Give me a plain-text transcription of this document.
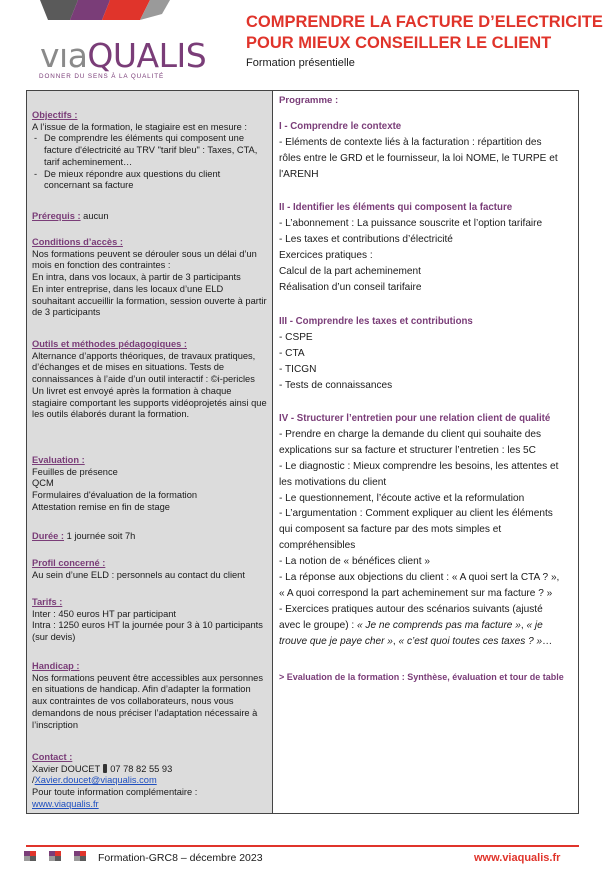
vıaQUALIS
DONNER DU SENS À LA QUALITÉ
COMPRENDRE LA FACTURE D’ELECTRICITE
POUR MIEUX CONSEILLER LE CLIENT
Formation présentielle
Objectifs :
A l’issue de la formation, le stagiaire est en mesure :
- De comprendre les éléments qui composent une facture d'électricité au TRV "tarif bleu" : Taxes, CTA, tarif acheminement…
- De mieux répondre aux questions du client concernant sa facture
Prérequis : aucun
Conditions d’accès :
Nos formations peuvent se dérouler sous un délai d’un mois en fonction des contraintes :
En intra, dans vos locaux, à partir de 3 participants
En inter entreprise, dans les locaux d’une ELD souhaitant accueillir la formation, session ouverte à partir de 3 participants
Outils et méthodes pédagogiques :
Alternance d’apports théoriques, de travaux pratiques, d’échanges et de mises en situations. Tests de connaissances à l’aide d’un outil interactif : ©i-pericles
Un livret est envoyé après la formation à chaque stagiaire comportant les supports vidéoprojetés ainsi que les outils élaborés durant la formation.
Evaluation :
Feuilles de présence
QCM
Formulaires d'évaluation de la formation
Attestation remise en fin de stage
Durée : 1 journée soit 7h
Profil concerné :
Au sein d’une ELD : personnels au contact du client
Tarifs :
Inter : 450 euros HT par participant
Intra : 1250 euros HT la journée pour 3 à 10 participants (sur devis)
Handicap :
Nos formations peuvent être accessibles aux personnes en situations de handicap. Afin d’adapter la formation aux contraintes de vos collaborateurs, nous vous demandons de nous préciser l’adaptation nécessaire à l’inscription
Contact :
Xavier DOUCET 07 78 82 55 93
/Xavier.doucet@viaqualis.com
Pour toute information complémentaire :
www.viaqualis.fr
Programme :
I - Comprendre le contexte
- Eléments de contexte liés à la facturation : répartition des
rôles entre le GRD et le fournisseur, la loi NOME, le TURPE et
l'ARENH
II - Identifier les éléments qui composent la facture
- L’abonnement : La puissance souscrite et l’option tarifaire
- Les taxes et contributions d’électricité
Exercices pratiques :
Calcul de la part acheminement
Réalisation d’un conseil tarifaire
III - Comprendre les taxes et contributions
- CSPE
- CTA
- TICGN
- Tests de connaissances
IV - Structurer l’entretien pour une relation client de qualité
- Prendre en charge la demande du client qui souhaite des
explications sur sa facture et structurer l’entretien : les 5C
- Le diagnostic : Mieux comprendre les besoins, les attentes et
les motivations du client
- Le questionnement, l’écoute active et la reformulation
- L’argumentation : Comment expliquer au client les éléments
qui composent sa facture par des mots simples et
compréhensibles
- La notion de « bénéfices client »
- La réponse aux objections du client : « A quoi sert la CTA ? »,
« A quoi correspond la part acheminement sur ma facture ? »
- Exercices pratiques autour des scénarios suivants (ajusté
avec le groupe) : « Je ne comprends pas ma facture », « je
trouve que je paye cher », « c’est quoi toutes ces taxes ? »…
> Evaluation de la formation : Synthèse, évaluation et tour de table
Formation-GRC8 – décembre 2023	www.viaqualis.fr
